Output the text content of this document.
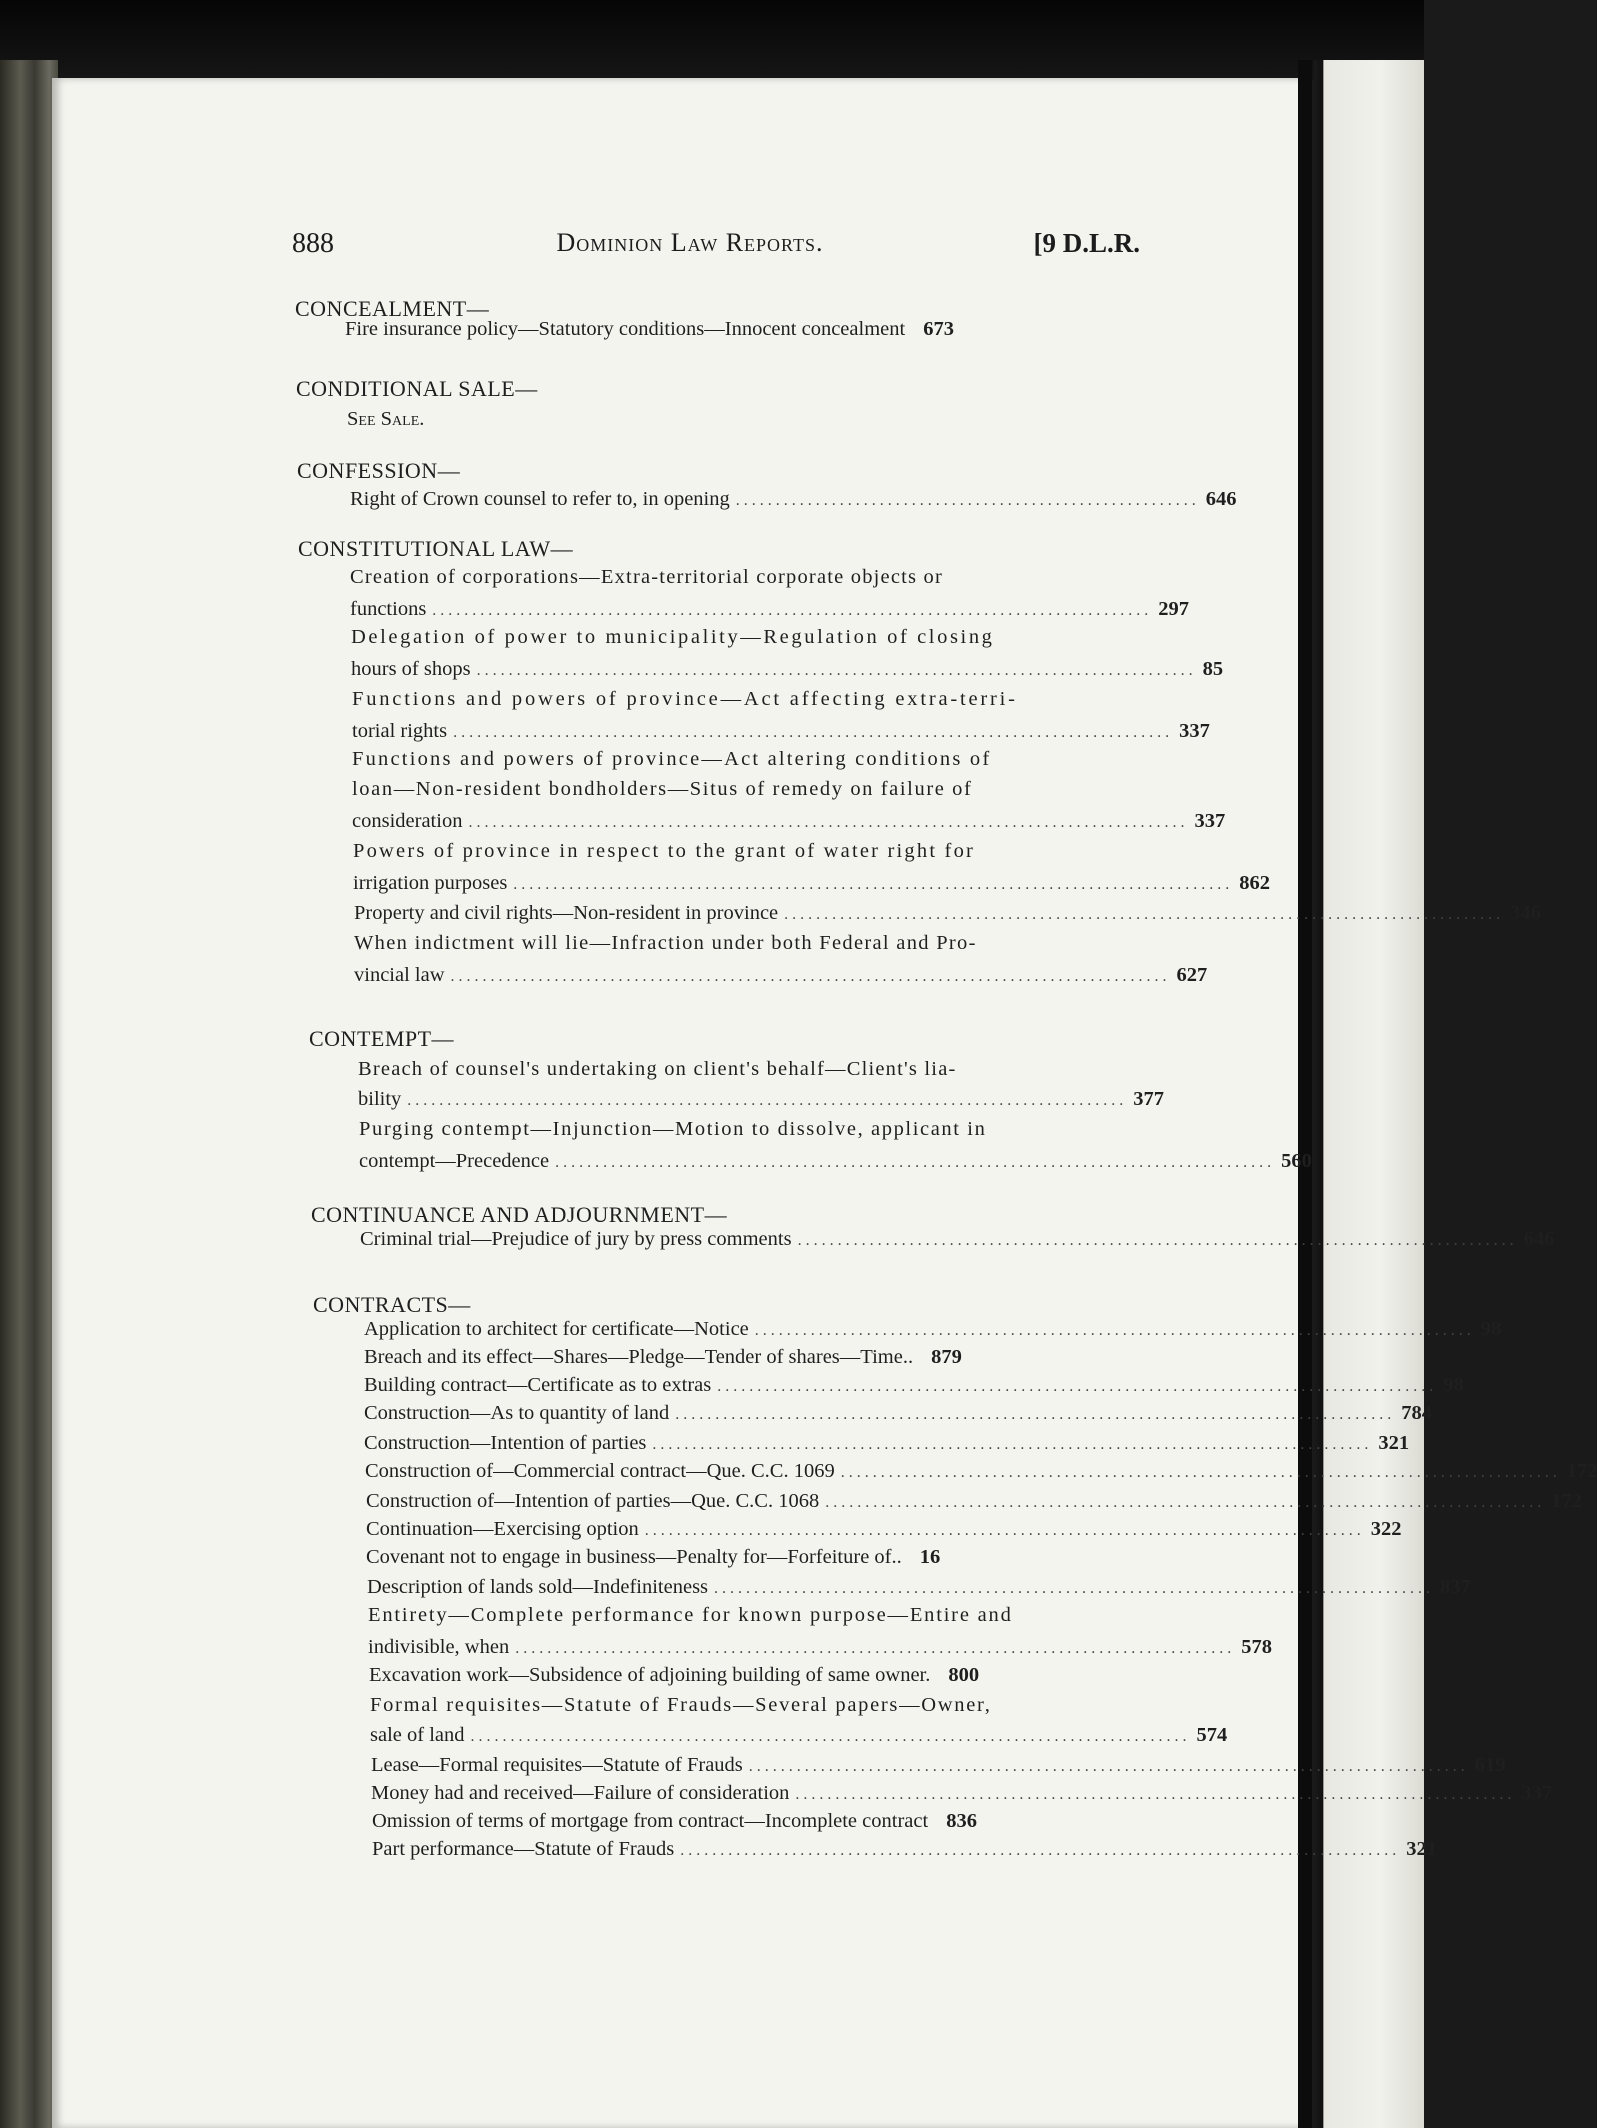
888	Dominion Law Reports.	[9 D.L.R.
CONCEALMENT—
Fire insurance policy—Statutory conditions—Innocent concealment 673
CONDITIONAL SALE—
See Sale.
CONFESSION—
Right of Crown counsel to refer to, in opening .......................................................... 646
CONSTITUTIONAL LAW—
Creation of corporations—Extra-territorial corporate objects or
functions .......................................................................................... 297
Delegation of power to municipality—Regulation of closing
hours of shops .......................................................................................... 85
Functions and powers of province—Act affecting extra-terri-
torial rights .......................................................................................... 337
Functions and powers of province—Act altering conditions of
loan—Non-resident bondholders—Situs of remedy on failure of
consideration .......................................................................................... 337
Powers of province in respect to the grant of water right for
irrigation purposes .......................................................................................... 862
Property and civil rights—Non-resident in province .......................................................................................... 346
When indictment will lie—Infraction under both Federal and Pro-
vincial law .......................................................................................... 627
CONTEMPT—
Breach of counsel's undertaking on client's behalf—Client's lia-
bility .......................................................................................... 377
Purging contempt—Injunction—Motion to dissolve, applicant in
contempt—Precedence .......................................................................................... 560
CONTINUANCE AND ADJOURNMENT—
Criminal trial—Prejudice of jury by press comments .......................................................................................... 646
CONTRACTS—
Application to architect for certificate—Notice .......................................................................................... 98
Breach and its effect—Shares—Pledge—Tender of shares—Time.. 879
Building contract—Certificate as to extras .......................................................................................... 98
Construction—As to quantity of land .......................................................................................... 784
Construction—Intention of parties .......................................................................................... 321
Construction of—Commercial contract—Que. C.C. 1069 .......................................................................................... 172
Construction of—Intention of parties—Que. C.C. 1068 .......................................................................................... 172
Continuation—Exercising option .......................................................................................... 322
Covenant not to engage in business—Penalty for—Forfeiture of.. 16
Description of lands sold—Indefiniteness .......................................................................................... 837
Entirety—Complete performance for known purpose—Entire and
indivisible, when .......................................................................................... 578
Excavation work—Subsidence of adjoining building of same owner. 800
Formal requisites—Statute of Frauds—Several papers—Owner,
sale of land .......................................................................................... 574
Lease—Formal requisites—Statute of Frauds .......................................................................................... 619
Money had and received—Failure of consideration .......................................................................................... 337
Omission of terms of mortgage from contract—Incomplete contract 836
Part performance—Statute of Frauds .......................................................................................... 321
